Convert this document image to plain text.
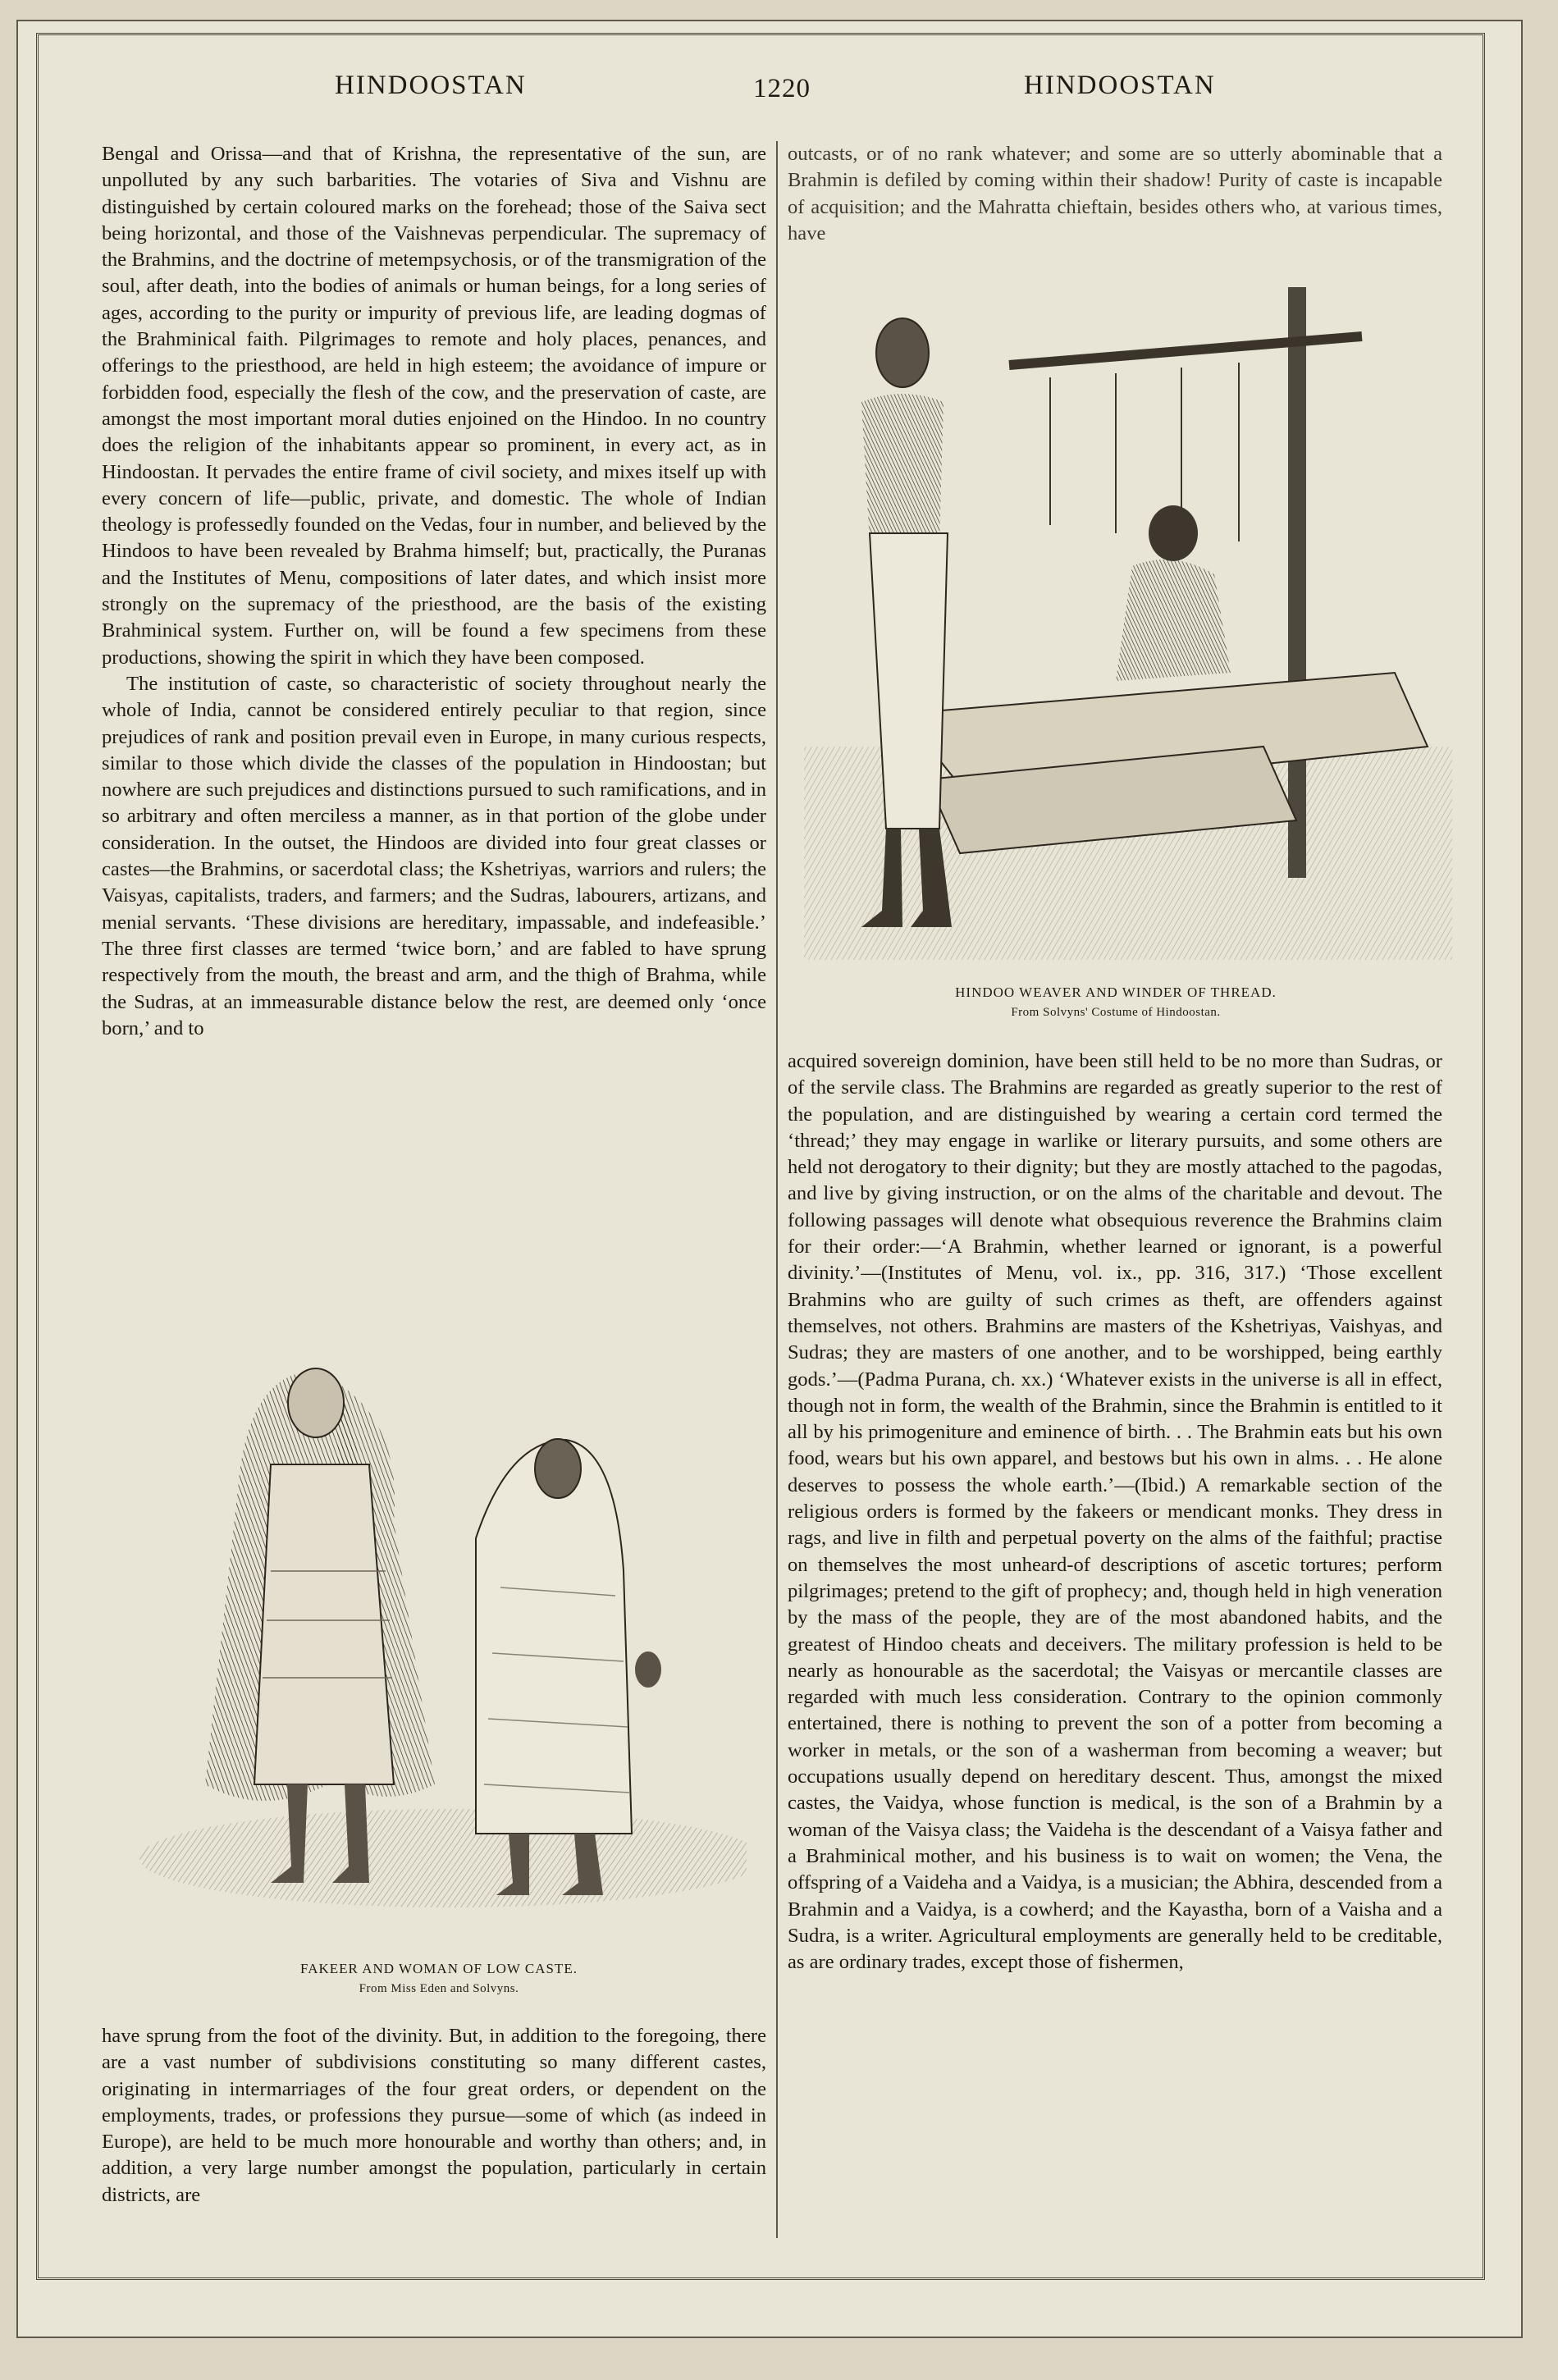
HINDOOSTAN	1220	HINDOOSTAN

Bengal and Orissa—and that of Krishna, the representative of the sun, are unpolluted by any such barbarities. The votaries of Siva and Vishnu are distinguished by certain coloured marks on the forehead; those of the Saiva sect being horizontal, and those of the Vaishnevas perpendicular. The supremacy of the Brahmins, and the doctrine of metempsychosis, or of the transmigration of the soul, after death, into the bodies of animals or human beings, for a long series of ages, according to the purity or impurity of previous life, are leading dogmas of the Brahminical faith. Pilgrimages to remote and holy places, penances, and offerings to the priesthood, are held in high esteem; the avoidance of impure or forbidden food, especially the flesh of the cow, and the preservation of caste, are amongst the most important moral duties enjoined on the Hindoo. In no country does the religion of the inhabitants appear so prominent, in every act, as in Hindoostan. It pervades the entire frame of civil society, and mixes itself up with every concern of life—public, private, and domestic. The whole of Indian theology is professedly founded on the Vedas, four in number, and believed by the Hindoos to have been revealed by Brahma himself; but, practically, the Puranas and the Institutes of Menu, compositions of later dates, and which insist more strongly on the supremacy of the priesthood, are the basis of the existing Brahminical system. Further on, will be found a few specimens from these productions, showing the spirit in which they have been composed.

The institution of caste, so characteristic of society throughout nearly the whole of India, cannot be considered entirely peculiar to that region, since prejudices of rank and position prevail even in Europe, in many curious respects, similar to those which divide the classes of the population in Hindoostan; but nowhere are such prejudices and distinctions pursued to such ramifications, and in so arbitrary and often merciless a manner, as in that portion of the globe under consideration. In the outset, the Hindoos are divided into four great classes or castes—the Brahmins, or sacerdotal class; the Kshetriyas, warriors and rulers; the Vaisyas, capitalists, traders, and farmers; and the Sudras, labourers, artizans, and menial servants. ‘These divisions are hereditary, impassable, and indefeasible.’ The three first classes are termed ‘twice born,’ and are fabled to have sprung respectively from the mouth, the breast and arm, and the thigh of Brahma, while the Sudras, at an immeasurable distance below the rest, are deemed only ‘once born,’ and to

FAKEER AND WOMAN OF LOW CASTE.
From Miss Eden and Solvyns.

have sprung from the foot of the divinity. But, in addition to the foregoing, there are a vast number of subdivisions constituting so many different castes, originating in intermarriages of the four great orders, or dependent on the employments, trades, or professions they pursue—some of which (as indeed in Europe), are held to be much more honourable and worthy than others; and, in addition, a very large number amongst the population, particularly in certain districts, are

outcasts, or of no rank whatever; and some are so utterly abominable that a Brahmin is defiled by coming within their shadow! Purity of caste is incapable of acquisition; and the Mahratta chieftain, besides others who, at various times, have

HINDOO WEAVER AND WINDER OF THREAD.
From Solvyns' Costume of Hindoostan.

acquired sovereign dominion, have been still held to be no more than Sudras, or of the servile class. The Brahmins are regarded as greatly superior to the rest of the population, and are distinguished by wearing a certain cord termed the ‘thread;’ they may engage in warlike or literary pursuits, and some others are held not derogatory to their dignity; but they are mostly attached to the pagodas, and live by giving instruction, or on the alms of the charitable and devout. The following passages will denote what obsequious reverence the Brahmins claim for their order:—‘A Brahmin, whether learned or ignorant, is a powerful divinity.’—(Institutes of Menu, vol. ix., pp. 316, 317.) ‘Those excellent Brahmins who are guilty of such crimes as theft, are offenders against themselves, not others. Brahmins are masters of the Kshetriyas, Vaishyas, and Sudras; they are masters of one another, and to be worshipped, being earthly gods.’—(Padma Purana, ch. xx.) ‘Whatever exists in the universe is all in effect, though not in form, the wealth of the Brahmin, since the Brahmin is entitled to it all by his primogeniture and eminence of birth. . . The Brahmin eats but his own food, wears but his own apparel, and bestows but his own in alms. . . He alone deserves to possess the whole earth.’—(Ibid.) A remarkable section of the religious orders is formed by the fakeers or mendicant monks. They dress in rags, and live in filth and perpetual poverty on the alms of the faithful; practise on themselves the most unheard-of descriptions of ascetic tortures; perform pilgrimages; pretend to the gift of prophecy; and, though held in high veneration by the mass of the people, they are of the most abandoned habits, and the greatest of Hindoo cheats and deceivers. The military profession is held to be nearly as honourable as the sacerdotal; the Vaisyas or mercantile classes are regarded with much less consideration. Contrary to the opinion commonly entertained, there is nothing to prevent the son of a potter from becoming a worker in metals, or the son of a washerman from becoming a weaver; but occupations usually depend on hereditary descent. Thus, amongst the mixed castes, the Vaidya, whose function is medical, is the son of a Brahmin by a woman of the Vaisya class; the Vaideha is the descendant of a Vaisya father and a Brahminical mother, and his business is to wait on women; the Vena, the offspring of a Vaideha and a Vaidya, is a musician; the Abhira, descended from a Brahmin and a Vaidya, is a cowherd; and the Kayastha, born of a Vaisha and a Sudra, is a writer. Agricultural employments are generally held to be creditable, as are ordinary trades, except those of fishermen,
